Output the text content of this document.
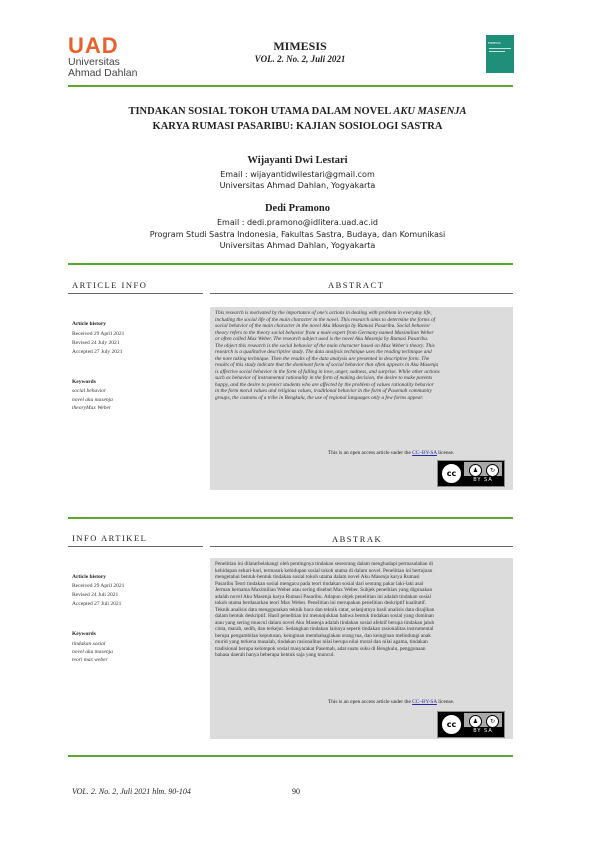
UAD
Universitas
Ahmad Dahlan
MIMESIS
VOL. 2. No. 2, Juli 2021
MIMESIS
TINDAKAN SOSIAL TOKOH UTAMA DALAM NOVEL AKU MASENJA
KARYA RUMASI PASARIBU: KAJIAN SOSIOLOGI SASTRA
Wijayanti Dwi Lestari
Email : wijayantidwilestari@gmail.com
Universitas Ahmad Dahlan, Yogyakarta
Dedi Pramono
Email : dedi.pramono@idlitera.uad.ac.id
Program Studi Sastra Indonesia, Fakultas Sastra, Budaya, dan Komunikasi
Universitas Ahmad Dahlan, Yogyakarta
ARTICLE INFO	ABSTRACT
Article history
Received 29 April 2021
Revised 24 July 2021
Accepted 27 July 2021
Keywords
social behavior
novel aku masenja
theoryMax Weber
This research is motivated by the importance of one's actions in dealing with problem in everyday life,
including the social life of the main character in the novel. This research aims to determine the forms of
social behavior of the main character in the novel Aku Masenja by Rumasi Pasaribu. Social behavior
theory refers to the theory social behavior from a male expert from Germany named Maximilian Weber
or often called Max Weber. The research subject used is the novel Aku Masenja by Rumasi Pasaribu.
The object this research is the social behavior of the main character based on Max Weber's theory. This
research is a qualitative descriptive study. The data analysis technique uses the reading technique and
the note taking technique. Then the results of the data analysis are presented in descriptive form. The
results of this study indicate that the dominant form of social behavior that often appears in Aku Masenja
is affective social behavior in the form of falling in love, anger, sadness, and surprise. While other actions
such as behavior of instrumental rationality in the form of making decision, the desire to make parents
happy, and the desire to protect students who are affected by the problem of values rationality behavior
in the form moral values and religious values, traditional behavior in the form of Pasemah community
groups, the customs of a tribe in Bengkulu, the use of regional languages only a few forms appear.
This is an open access article under the CC–BY-SA license.
cc	♟	↻
BY SA
INFO ARTIKEL	ABSTRAK
Article history
Received 29 April 2021
Revised 24 Juli 2021
Accepted 27 Juli 2021
Keywords
tindakan sosial
novel aku masenja
teori max weber
Penelitian ini dilatarbelakangi oleh pentingnya tindakan seseorang dalam menghadapi permasalahan di
kehidupan sehari-hari, termasuk kehidupan sosial tokoh utama di dalam novel. Penelitian ini bertujuan
mengetahui bentuk-bentuk tindakan sosial tokoh utama dalam novel Aku Masenja karya Rumasi
Pasaribu Teori tindakan sosial mengacu pada teori tindakan sosial dari seorang pakar laki-laki asal
Jerman bernama Maximilian Weber atau sering disebut Max Weber. Subjek penelitian yang digunakan
adalah novel Aku Masenja karya Rumasi Pasaribu. Adapun objek penelitian ini adalah tindakan sosial
tokoh utama berdasarkan teori Max Weber. Penelitian ini merupakan penelitian deskriptif kualitatif.
Teknik analisis data menggunakan teknik baca dan teknik catat, selanjutnya hasil analisis data disajikan
dalam bentuk deskriptif. Hasil penelitian ini menunjukkan bahwa bentuk tindakan sosial yang dominan
atau yang sering muncul dalam novel Aku Masenja adalah tindakan sosial afektif berupa tindakan jatuh
cinta, marah, sedih, dan terkejut. Sedangkan tindakan lainnya seperti tindakan rasionalitas instrumental
berupa pengambilan keputusan, keinginan membahagiakan orang tua, dan keinginan melindungi anak
murid yang terkena masalah, tindakan rasionalitas nilai berupa nilai moral dan nilai agama, tindakan
tradisional berupa kelompok sosial masyarakat Pasemah, adat suatu suku di Bengkulu, penggunaan
bahasa daerah hanya beberapa bentuk saja yang muncul.
This is an open access article under the CC–BY-SA license.
cc	♟	↻
BY SA
VOL. 2. No. 2, Juli 2021 hlm. 90-104	90
